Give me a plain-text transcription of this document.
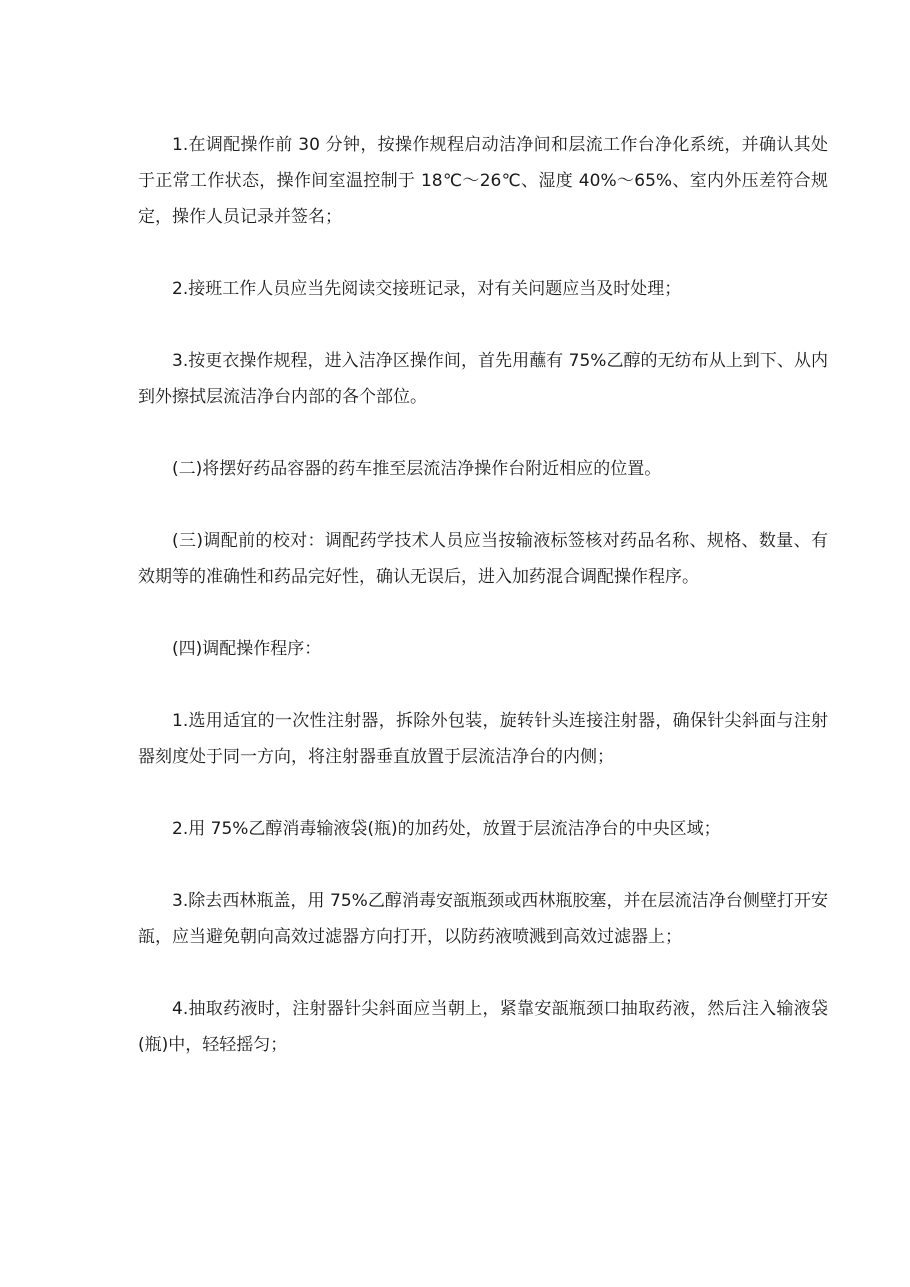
1.在调配操作前 30 分钟，按操作规程启动洁净间和层流工作台净化系统，并确认其处于正常工作状态，操作间室温控制于 18℃～26℃、湿度 40%～65%、室内外压差符合规定，操作人员记录并签名；

2.接班工作人员应当先阅读交接班记录，对有关问题应当及时处理；

3.按更衣操作规程，进入洁净区操作间，首先用蘸有 75%乙醇的无纺布从上到下、从内到外擦拭层流洁净台内部的各个部位。

(二)将摆好药品容器的药车推至层流洁净操作台附近相应的位置。

(三)调配前的校对：调配药学技术人员应当按输液标签核对药品名称、规格、数量、有效期等的准确性和药品完好性，确认无误后，进入加药混合调配操作程序。

(四)调配操作程序：

1.选用适宜的一次性注射器，拆除外包装，旋转针头连接注射器，确保针尖斜面与注射器刻度处于同一方向，将注射器垂直放置于层流洁净台的内侧；

2.用 75%乙醇消毒输液袋(瓶)的加药处，放置于层流洁净台的中央区域；

3.除去西林瓶盖，用 75%乙醇消毒安瓿瓶颈或西林瓶胶塞，并在层流洁净台侧壁打开安瓿，应当避免朝向高效过滤器方向打开，以防药液喷溅到高效过滤器上；

4.抽取药液时，注射器针尖斜面应当朝上，紧靠安瓿瓶颈口抽取药液，然后注入输液袋(瓶)中，轻轻摇匀；
